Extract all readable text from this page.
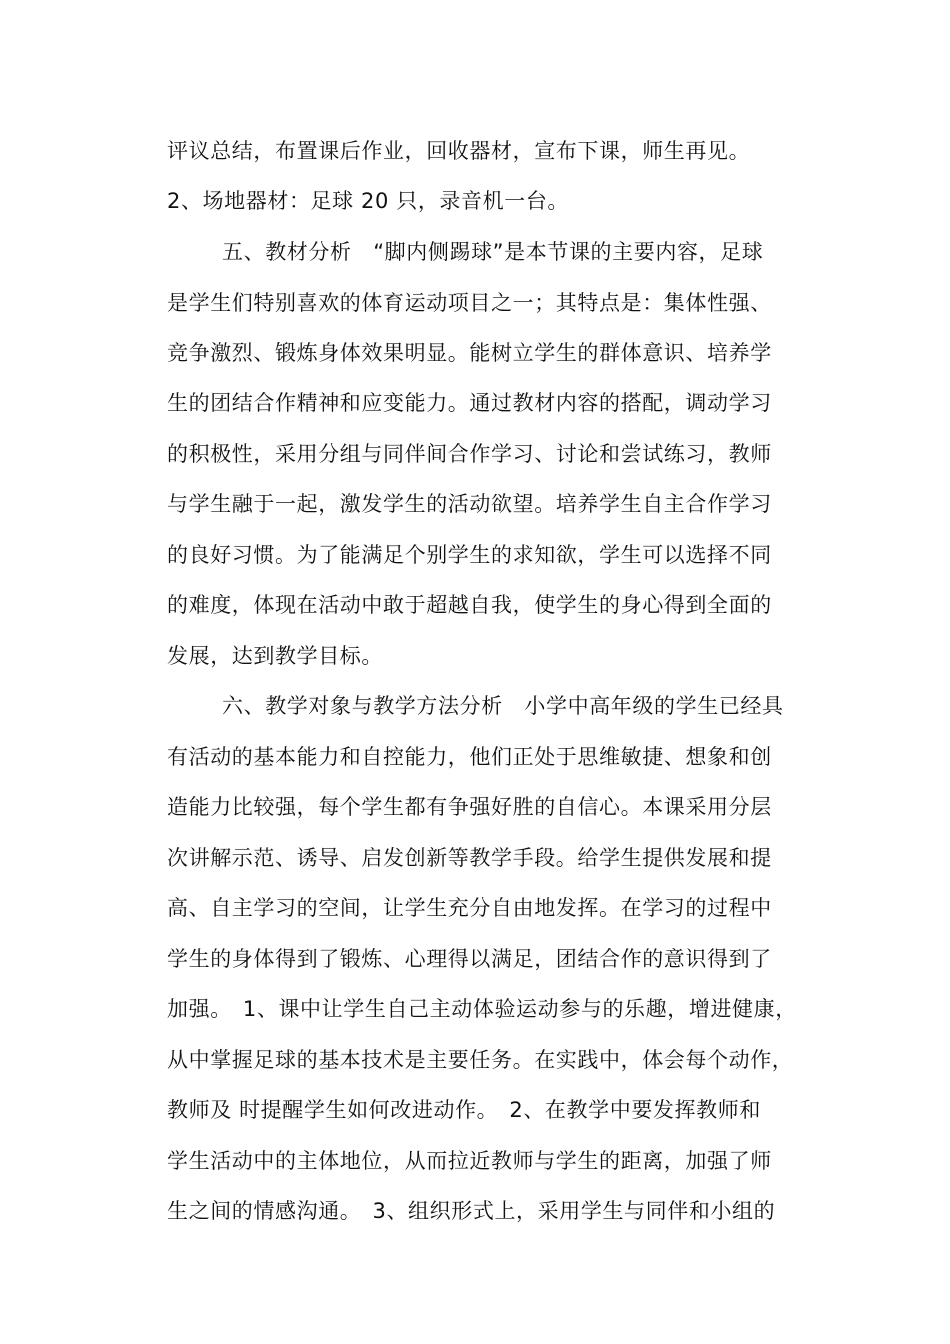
评议总结，布置课后作业，回收器材，宣布下课，师生再见。
2、场地器材：足球 20 只，录音机一台。
五、教材分析　“脚内侧踢球”是本节课的主要内容，足球
是学生们特别喜欢的体育运动项目之一；其特点是：集体性强、
竞争激烈、锻炼身体效果明显。能树立学生的群体意识、培养学
生的团结合作精神和应变能力。通过教材内容的搭配，调动学习
的积极性，采用分组与同伴间合作学习、讨论和尝试练习，教师
与学生融于一起，激发学生的活动欲望。培养学生自主合作学习
的良好习惯。为了能满足个别学生的求知欲，学生可以选择不同
的难度，体现在活动中敢于超越自我，使学生的身心得到全面的
发展，达到教学目标。
六、教学对象与教学方法分析　小学中高年级的学生已经具
有活动的基本能力和自控能力，他们正处于思维敏捷、想象和创
造能力比较强，每个学生都有争强好胜的自信心。本课采用分层
次讲解示范、诱导、启发创新等教学手段。给学生提供发展和提
高、自主学习的空间，让学生充分自由地发挥。在学习的过程中
学生的身体得到了锻炼、心理得以满足，团结合作的意识得到了
加强。　1、课中让学生自己主动体验运动参与的乐趣，增进健康，
从中掌握足球的基本技术是主要任务。在实践中，体会每个动作，
教师及 时提醒学生如何改进动作。　2、在教学中要发挥教师和
学生活动中的主体地位，从而拉近教师与学生的距离，加强了师
生之间的情感沟通。　3、组织形式上，采用学生与同伴和小组的
